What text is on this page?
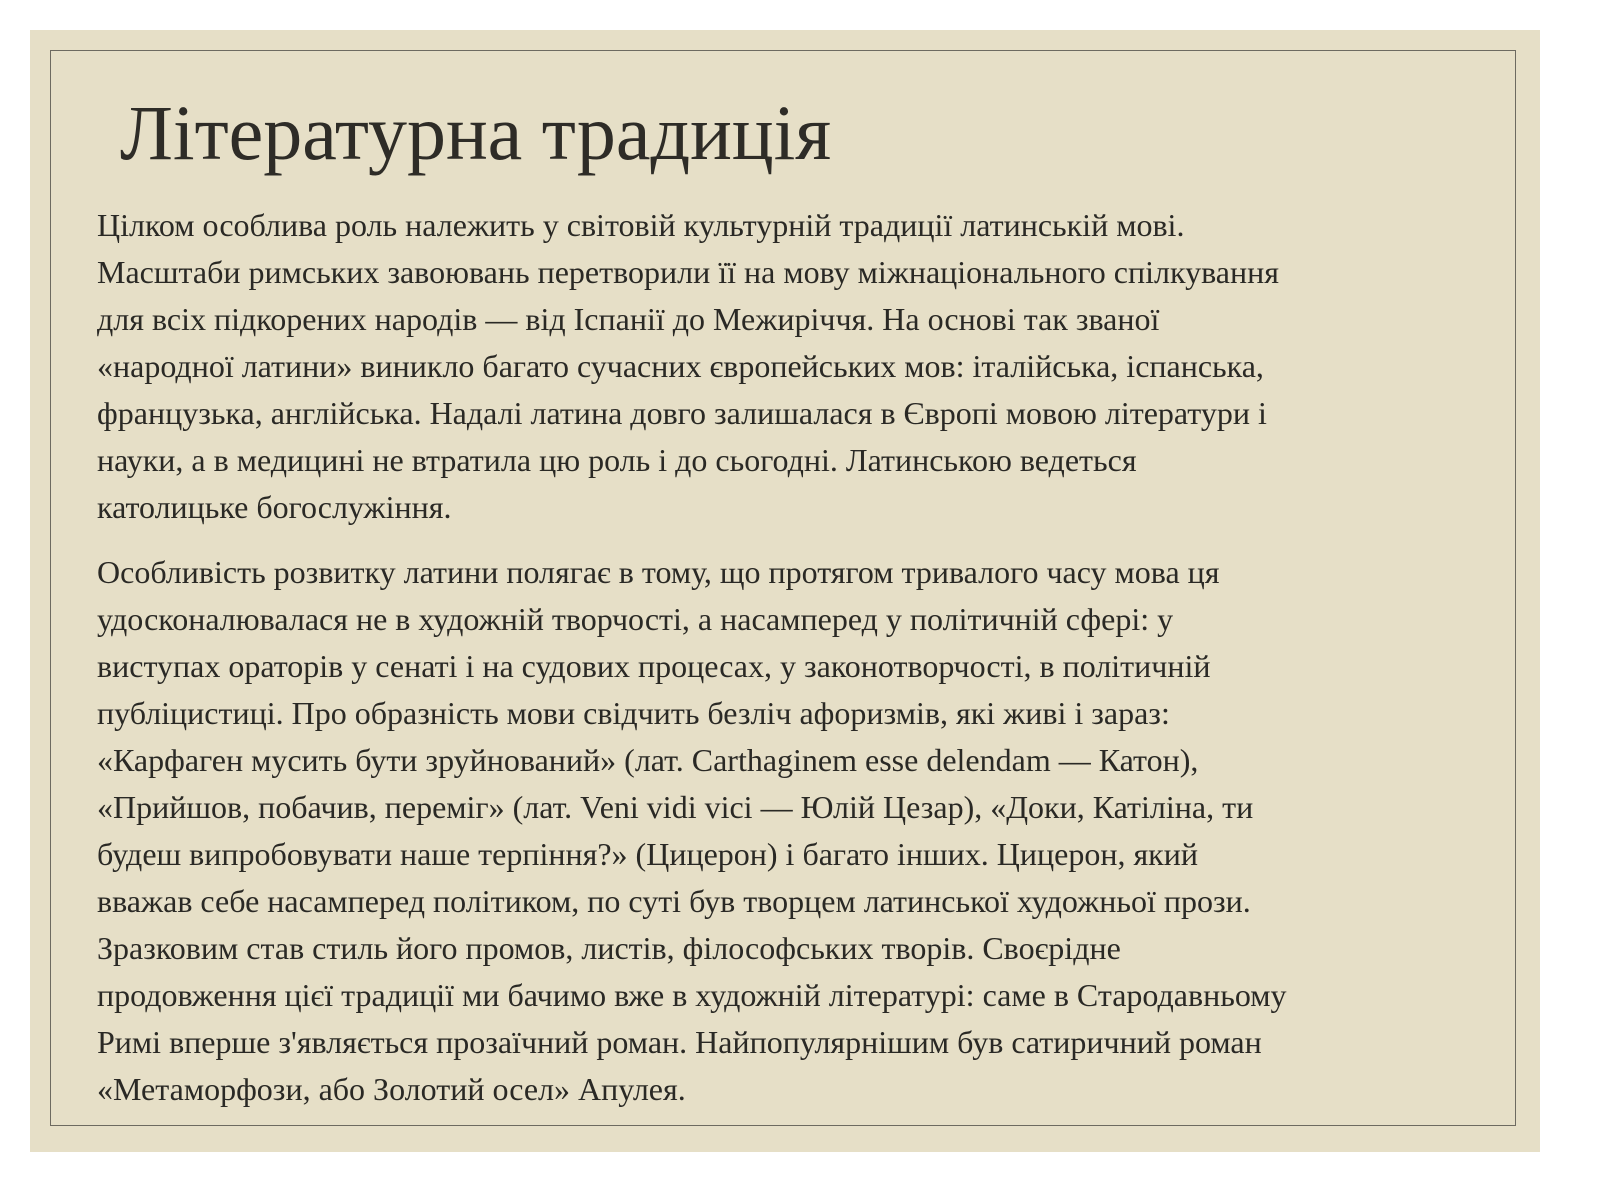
Літературна традиція

Цілком особлива роль належить у світовій культурній традиції латинській мові.
Масштаби римських завоювань перетворили її на мову міжнаціонального спілкування
для всіх підкорених народів — від Іспанії до Межиріччя. На основі так званої
«народної латини» виникло багато сучасних європейських мов: італійська, іспанська,
французька, англійська. Надалі латина довго залишалася в Європі мовою літератури і
науки, а в медицині не втратила цю роль і до сьогодні. Латинською ведеться
католицьке богослужіння.

Особливість розвитку латини полягає в тому, що протягом тривалого часу мова ця
удосконалювалася не в художній творчості, а насамперед у політичній сфері: у
виступах ораторів у сенаті і на судових процесах, у законотворчості, в політичній
публіцистиці. Про образність мови свідчить безліч афоризмів, які живі і зараз:
«Карфаген мусить бути зруйнований» (лат. Carthaginem esse delendam — Катон),
«Прийшов, побачив, переміг» (лат. Veni vidi vici — Юлій Цезар), «Доки, Катіліна, ти
будеш випробовувати наше терпіння?» (Цицерон) і багато інших. Цицерон, який
вважав себе насамперед політиком, по суті був творцем латинської художньої прози.
Зразковим став стиль його промов, листів, філософських творів. Своєрідне
продовження цієї традиції ми бачимо вже в художній літературі: саме в Стародавньому
Римі вперше з'являється прозаїчний роман. Найпопулярнішим був сатиричний роман
«Метаморфози, або Золотий осел» Апулея.
